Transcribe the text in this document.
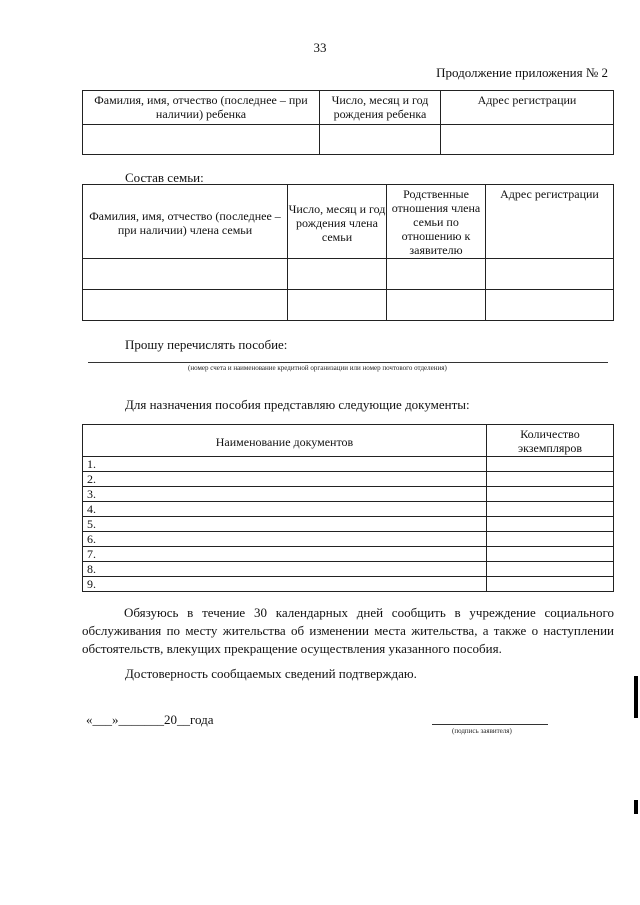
33
Продолжение приложения № 2
Фамилия, имя, отчество (последнее – при наличии) ребенка	Число, месяц и год рождения ребенка	Адрес регистрации

Состав семьи:
Фамилия, имя, отчество (последнее – при наличии) члена семьи	Число, месяц и год рождения члена семьи	Родственные отношения члена семьи по отношению к заявителю	Адрес регистрации

Прошу перечислять пособие:
(номер счета и наименование кредитной организации или номер почтового отделения)
Для назначения пособия представляю следующие документы:
Наименование документов	Количество экземпляров
1.	
2.	
3.	
4.	
5.	
6.	
7.	
8.	
9.	
Обязуюсь в течение 30 календарных дней сообщить в учреждение социального обслуживания по месту жительства об изменении места жительства, а также о наступлении обстоятельств, влекущих прекращение осуществления указанного пособия.
Достоверность сообщаемых сведений подтверждаю.
«___»_______20__года
(подпись заявителя)
